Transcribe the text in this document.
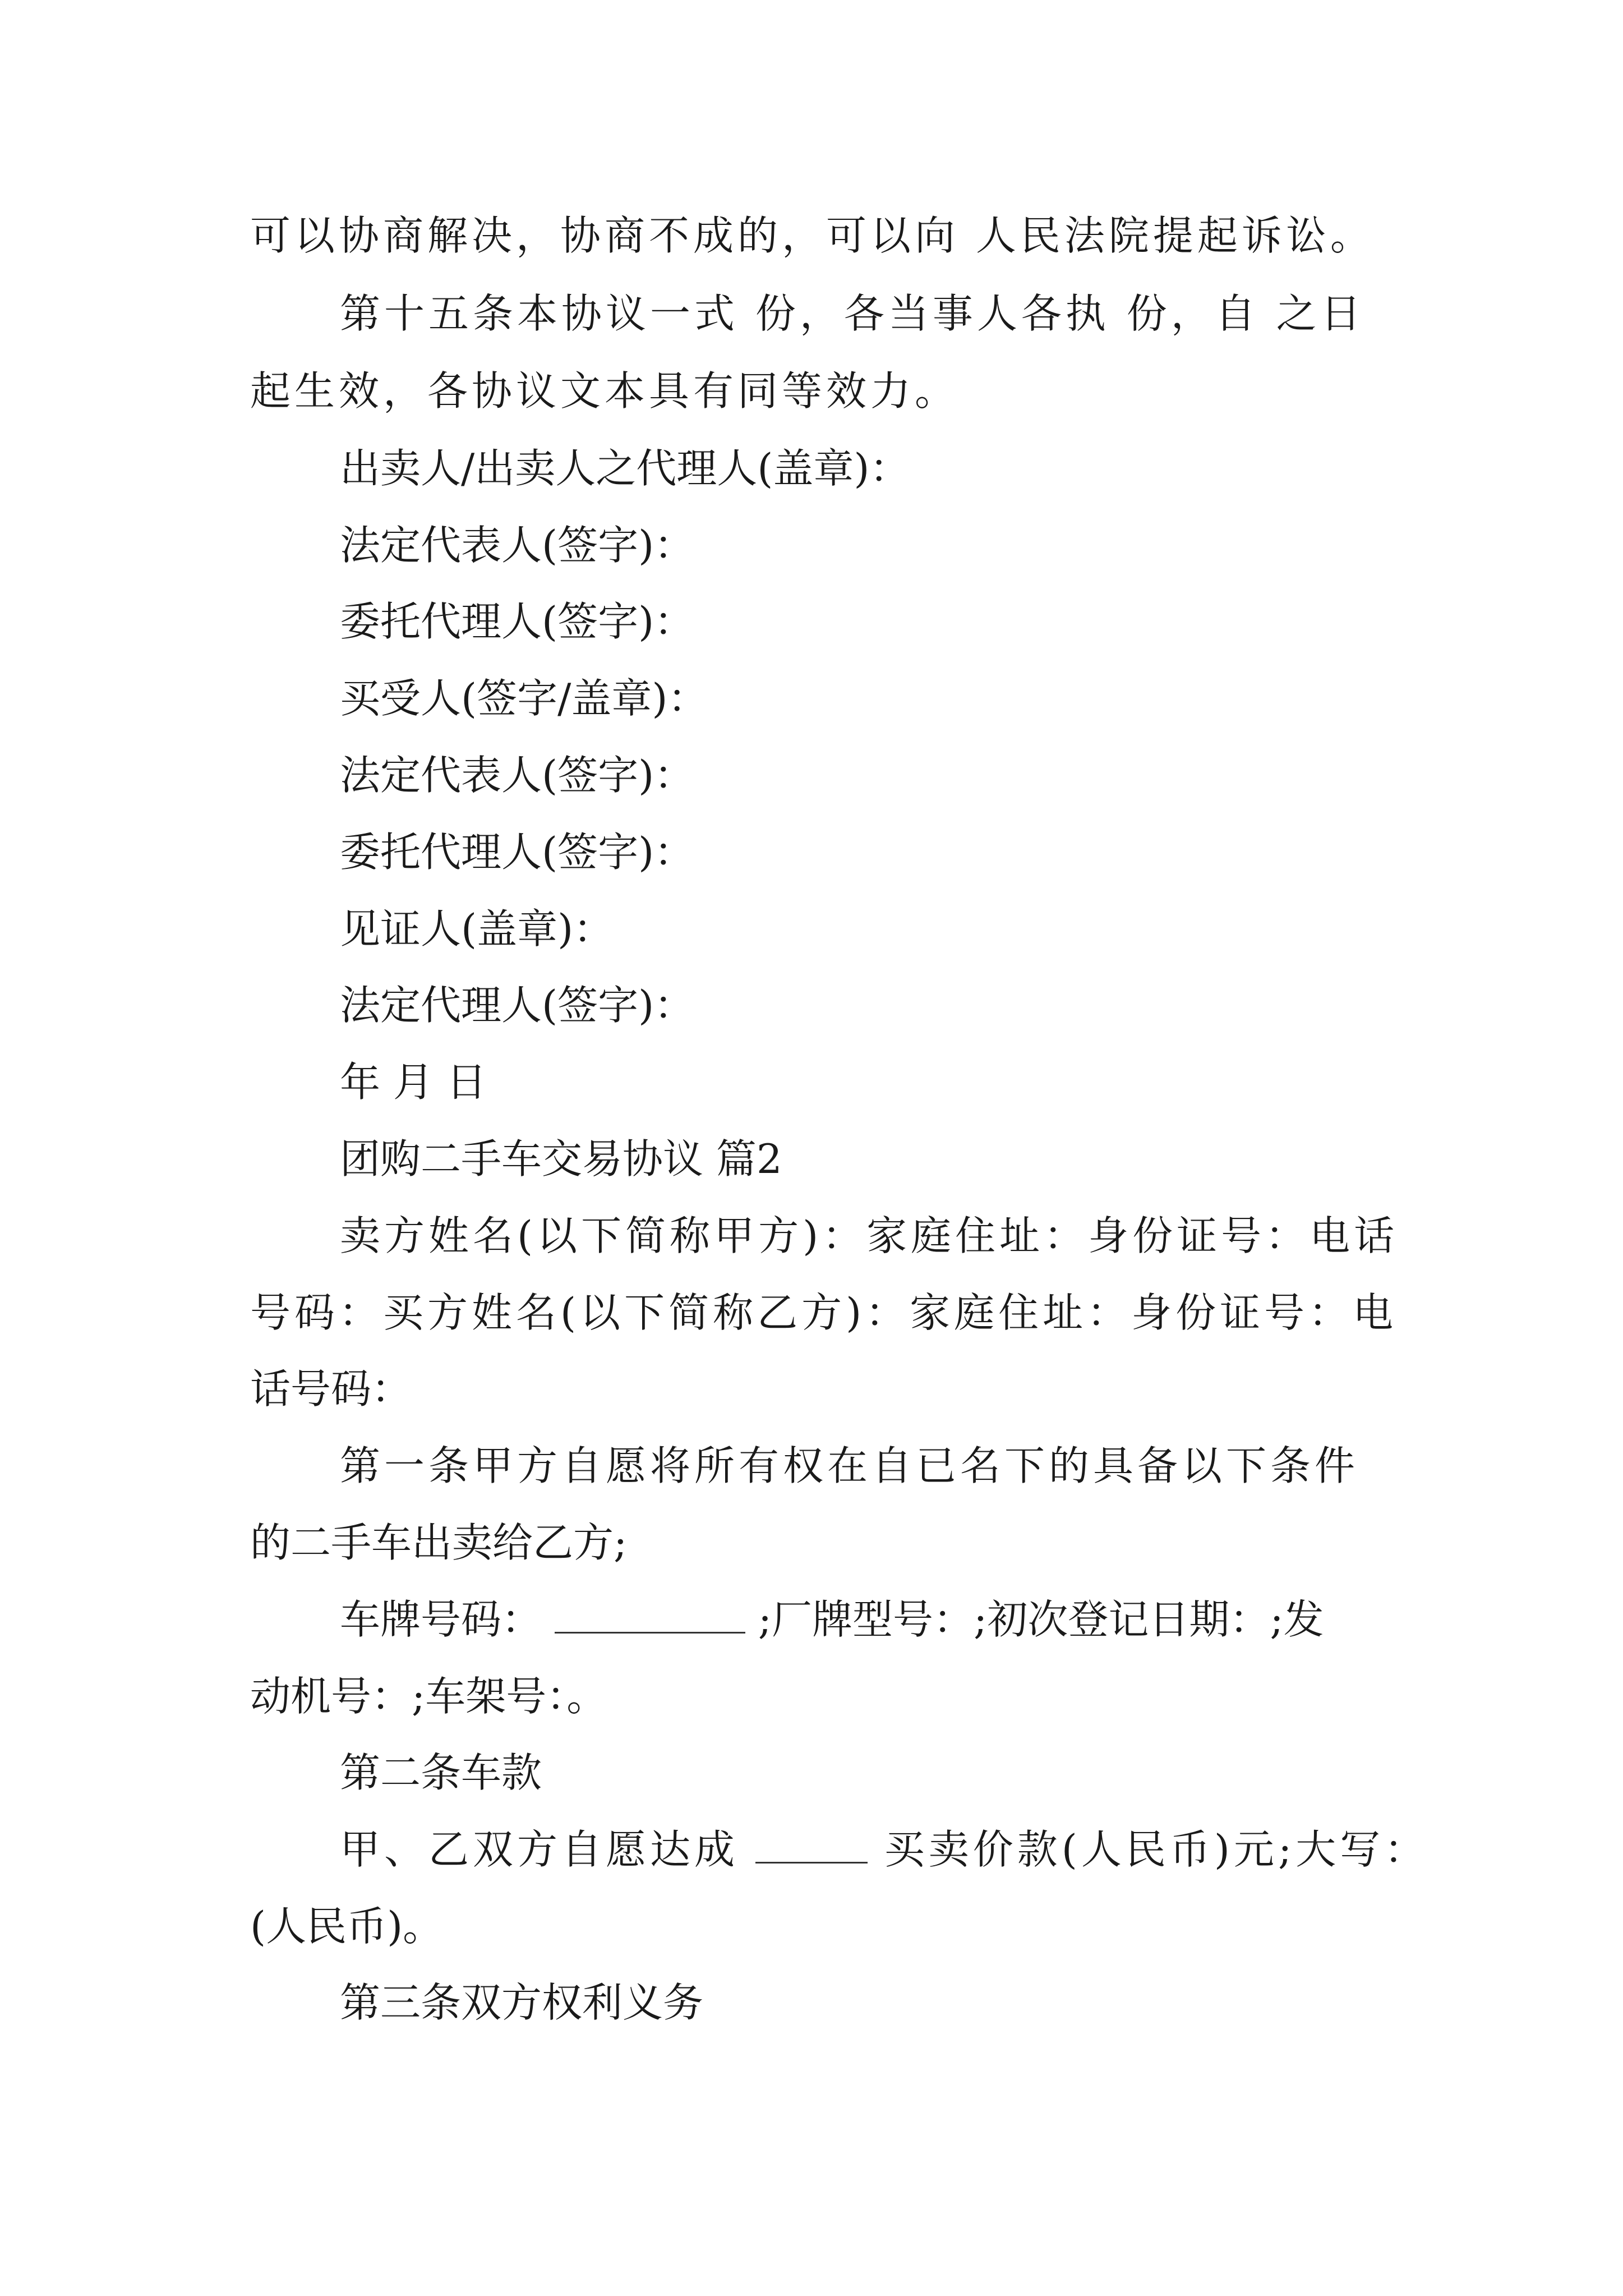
可以协商解决，协商不成的，可以向 人民法院提起诉讼。
第十五条本协议一式 份，各当事人各执 份，自 之日
起生效，各协议文本具有同等效力。
出卖人/出卖人之代理人(盖章)：
法定代表人(签字)：
委托代理人(签字)：
买受人(签字/盖章)：
法定代表人(签字)：
委托代理人(签字)：
见证人(盖章)：
法定代理人(签字)：
年 月 日
团购二手车交易协议 篇2
卖方姓名(以下简称甲方)：家庭住址：身份证号：电话
号码：买方姓名(以下简称乙方)：家庭住址：身份证号：电
话号码：
第一条甲方自愿将所有权在自已名下的具备以下条件
的二手车出卖给乙方;
车牌号码：	;厂牌型号：;初次登记日期：;发
动机号：;车架号：。
第二条车款
甲、乙双方自愿达成	买卖价款(人民币)元;大写：
(人民币)。
第三条双方权利义务
